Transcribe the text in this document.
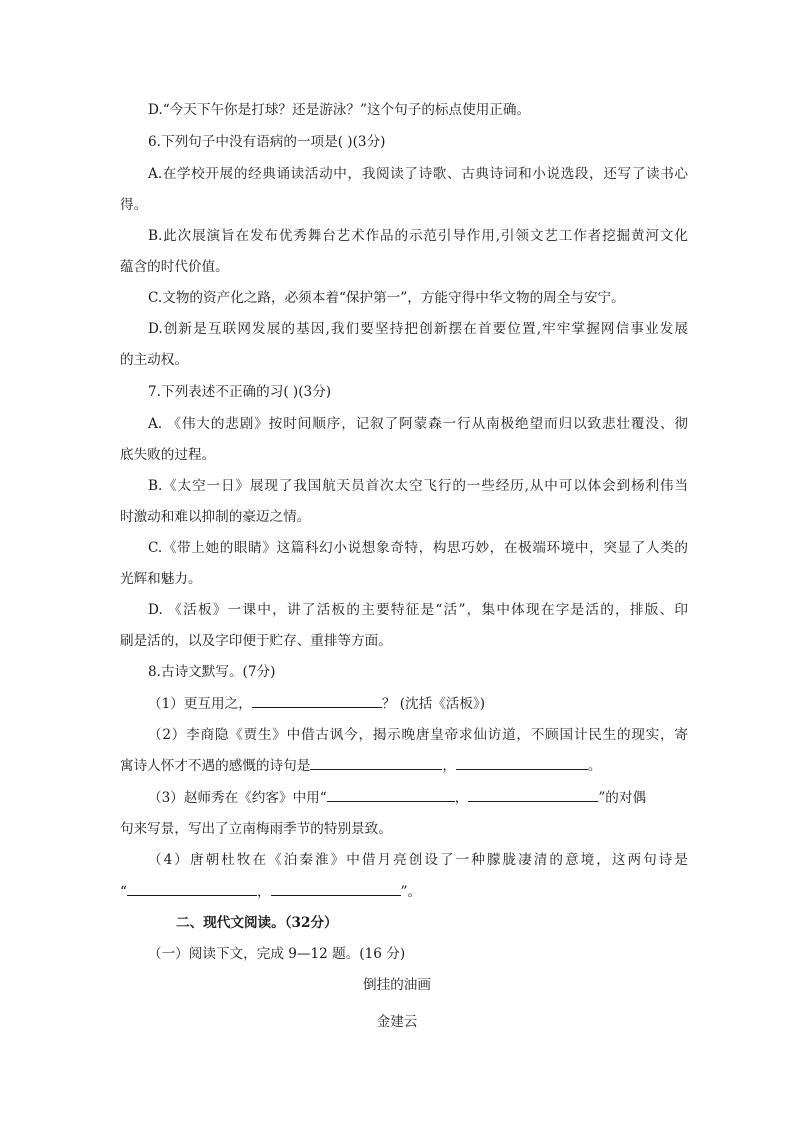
D.“今天下午你是打球？还是游泳？”这个句子的标点使用正确。

6.下列句子中没有语病的一项是( )(3分)

A.在学校开展的经典诵读活动中，我阅读了诗歌、古典诗词和小说选段，还写了读书心

得。

B.此次展演旨在发布优秀舞台艺术作品的示范引导作用,引领文艺工作者挖掘黄河文化

蕴含的时代价值。

C.文物的资产化之路，必须本着“保护第一”，方能守得中华文物的周全与安宁。

D.创新是互联网发展的基因,我们要坚持把创新摆在首要位置,牢牢掌握网信事业发展

的主动权。

7.下列表述不正确的习( )(3分)

A. 《伟大的悲剧》按时间顺序，记叙了阿蒙森一行从南极绝望而归以致悲壮覆没、彻

底失败的过程。

B.《太空一日》展现了我国航天员首次太空飞行的一些经历,从中可以体会到杨利伟当

时激动和难以抑制的豪迈之情。

C.《带上她的眼睛》这篇科幻小说想象奇特，构思巧妙，在极端环境中，突显了人类的

光辉和魅力。

D. 《活板》一课中，讲了活板的主要特征是“活”，集中体现在字是活的，排版、印

刷是活的，以及字印便于贮存、重排等方面。

8.古诗文默写。(7分)

（1）更互用之，	？ (沈括《活板》)

（2）李商隐《贾生》中借古讽今，揭示晚唐皇帝求仙访道，不顾国计民生的现实，寄

寓诗人怀才不遇的感慨的诗句是	，	。

（3）赵师秀在《约客》中用“	，	”的对偶

句来写景，写出了立南梅雨季节的特别景致。

（4）唐朝杜牧在《泊秦淮》中借月亮创设了一种朦胧凄清的意境，这两句诗是

“	，	”。

二、现代文阅读。（32分）

（一）阅读下文，完成 9—12 题。(16 分)

倒挂的油画

金建云
